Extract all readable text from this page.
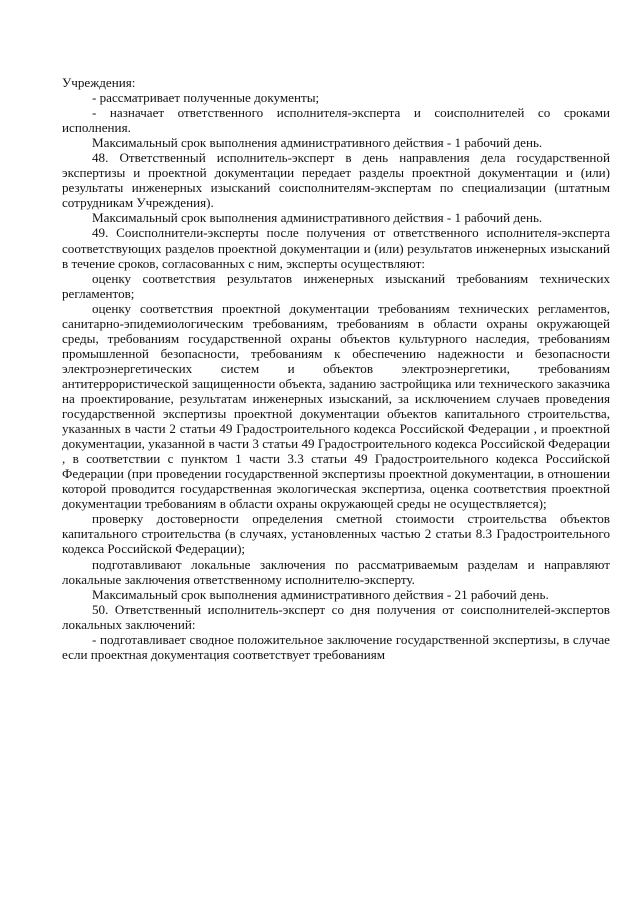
Учреждения:

- рассматривает полученные документы;

- назначает ответственного исполнителя-эксперта и соисполнителей со сроками исполнения.

Максимальный срок выполнения административного действия - 1 рабочий день.

48. Ответственный исполнитель-эксперт в день направления дела государственной экспертизы и проектной документации передает разделы проектной документации и (или) результаты инженерных изысканий соисполнителям-экспертам по специализации (штатным сотрудникам Учреждения).

Максимальный срок выполнения административного действия - 1 рабочий день.

49. Соисполнители-эксперты после получения от ответственного исполнителя-эксперта соответствующих разделов проектной документации и (или) результатов инженерных изысканий в течение сроков, согласованных с ним, эксперты осуществляют:

оценку соответствия результатов инженерных изысканий требованиям технических регламентов;

оценку соответствия проектной документации требованиям технических регламентов, санитарно-эпидемиологическим требованиям, требованиям в области охраны окружающей среды, требованиям государственной охраны объектов культурного наследия, требованиям промышленной безопасности, требованиям к обеспечению надежности и безопасности электроэнергетических систем и объектов электроэнергетики, требованиям антитеррористической защищенности объекта, заданию застройщика или технического заказчика на проектирование, результатам инженерных изысканий, за исключением случаев проведения государственной экспертизы проектной документации объектов капитального строительства, указанных в части 2 статьи 49 Градостроительного кодекса Российской Федерации , и проектной документации, указанной в части 3 статьи 49 Градостроительного кодекса Российской Федерации , в соответствии с пунктом 1 части 3.3 статьи 49 Градостроительного кодекса Российской Федерации (при проведении государственной экспертизы проектной документации, в отношении которой проводится государственная экологическая экспертиза, оценка соответствия проектной документации требованиям в области охраны окружающей среды не осуществляется);

проверку достоверности определения сметной стоимости строительства объектов капитального строительства (в случаях, установленных частью 2 статьи 8.3 Градостроительного кодекса Российской Федерации);

подготавливают локальные заключения по рассматриваемым разделам и направляют локальные заключения ответственному исполнителю-эксперту.

Максимальный срок выполнения административного действия - 21 рабочий день.

50. Ответственный исполнитель-эксперт со дня получения от соисполнителей-экспертов локальных заключений:

- подготавливает сводное положительное заключение государственной экспертизы, в случае если проектная документация соответствует требованиям
